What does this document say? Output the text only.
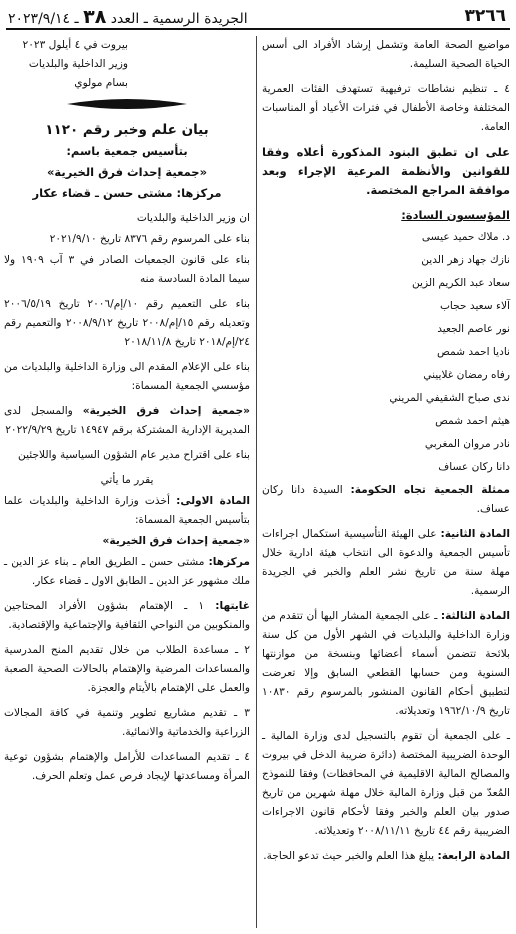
٣٢٦٦
الجريدة الرسمية ـ العدد ٣٨ ـ ٢٠٢٣/٩/١٤

مواضيع الصحة العامة وتشمل إرشاد الأفراد الى أسس الحياة الصحية السليمة.

٤ ـ تنظيم نشاطات ترفيهية تستهدف الفئات العمرية المختلفة وخاصة الأطفال في فترات الأعياد أو المناسبات العامة.

على ان تطبق البنود المذكورة أعلاه وفقا للقوانين والأنظمة المرعية الإجراء وبعد موافقة المراجع المختصة.

المؤسسون السادة:

د. ملاك حميد عيسى
نازك جهاد زهر الدين
سعاد عبد الكريم الزين
آلاء سعيد حجاب
نور عاصم الجعيد
ناديا احمد شمص
رفاه رمضان غلاييني
ندى صباح الشقيفي المريني
هيثم احمد شمص
نادر مروان المغربي
دانا ركان عساف

ممثلة الجمعية تجاه الحكومة: السيدة دانا ركان عساف.

المادة الثانية: على الهيئة التأسيسية استكمال اجراءات تأسيس الجمعية والدعوة الى انتخاب هيئة ادارية خلال مهلة سنة من تاريخ نشر العلم والخبر في الجريدة الرسمية.

المادة الثالثة: ـ على الجمعية المشار اليها أن تتقدم من وزارة الداخلية والبلديات في الشهر الأول من كل سنة بلائحة تتضمن أسماء أعضائها وبنسخة من موازنتها السنوية ومن حسابها القطعي السابق وإلا تعرضت لتطبيق أحكام القانون المنشور بالمرسوم رقم ١٠٨٣٠ تاريخ ١٩٦٢/١٠/٩ وتعديلاته.

ـ على الجمعية أن تقوم بالتسجيل لدى وزارة المالية ـ الوحدة الضريبية المختصة (دائرة ضريبة الدخل في بيروت والمصالح المالية الاقليمية في المحافظات) وفقا للنموذج المُعدّ من قبل وزارة المالية خلال مهلة شهرين من تاريخ صدور بيان العلم والخبر وفقا لأحكام قانون الاجراءات الضريبية رقم ٤٤ تاريخ ٢٠٠٨/١١/١١ وتعديلاته.

المادة الرابعة: يبلغ هذا العلم والخبر حيث تدعو الحاجة.

بيروت في ٤ أيلول ٢٠٢٣

وزير الداخلية والبلديات

بسام مولوي

بيان علم وخبر رقم ١١٢٠

بتأسيس جمعية باسم:

«جمعية إحداث فرق الخيرية»

مركزها: مشتى حسن ـ قضاء عكار

ان وزير الداخلية والبلديات

بناء على المرسوم رقم ٨٣٧٦ تاريخ ٢٠٢١/٩/١٠

بناء على قانون الجمعيات الصادر في ٣ آب ١٩٠٩ ولا سيما المادة السادسة منه

بناء على التعميم رقم ١٠/إم/٢٠٠٦ تاريخ ٢٠٠٦/٥/١٩ وتعديله رقم ١٥/إم/٢٠٠٨ تاريخ ٢٠٠٨/٩/١٢ والتعميم رقم ٢٤/إم/٢٠١٨ تاريخ ٢٠١٨/١١/٨

بناء على الإعلام المقدم الى وزارة الداخلية والبلديات من مؤسسي الجمعية المسماة:

«جمعية إحداث فرق الخيرية» والمسجل لدى المديرية الإدارية المشتركة برقم ١٤٩٤٧ تاريخ ٢٠٢٢/٩/٢٩

بناء على اقتراح مدير عام الشؤون السياسية واللاجئين

يقرر ما يأتي

المادة الاولى: أخذت وزارة الداخلية والبلديات علما بتأسيس الجمعية المسماة:

«جمعية إحداث فرق الخيرية»

مركزها: مشتى حسن ـ الطريق العام ـ بناء عز الدين ـ ملك مشهور عز الدين ـ الطابق الاول ـ قضاء عكار.

غايتها: ١ ـ الإهتمام بشؤون الأفراد المحتاجين والمنكوبين من النواحي الثقافية والإجتماعية والإقتصادية.

٢ ـ مساعدة الطلاب من خلال تقديم المنح المدرسية والمساعدات المرضية والإهتمام بالحالات الصحية الصعبة والعمل على الإهتمام بالأيتام والعجزة.

٣ ـ تقديم مشاريع تطوير وتنمية في كافة المجالات الزراعية والخدماتية والانمائية.

٤ ـ تقديم المساعدات للأرامل والإهتمام بشؤون توعية المرأة ومساعدتها لإيجاد فرص عمل وتعلم الحرف.
